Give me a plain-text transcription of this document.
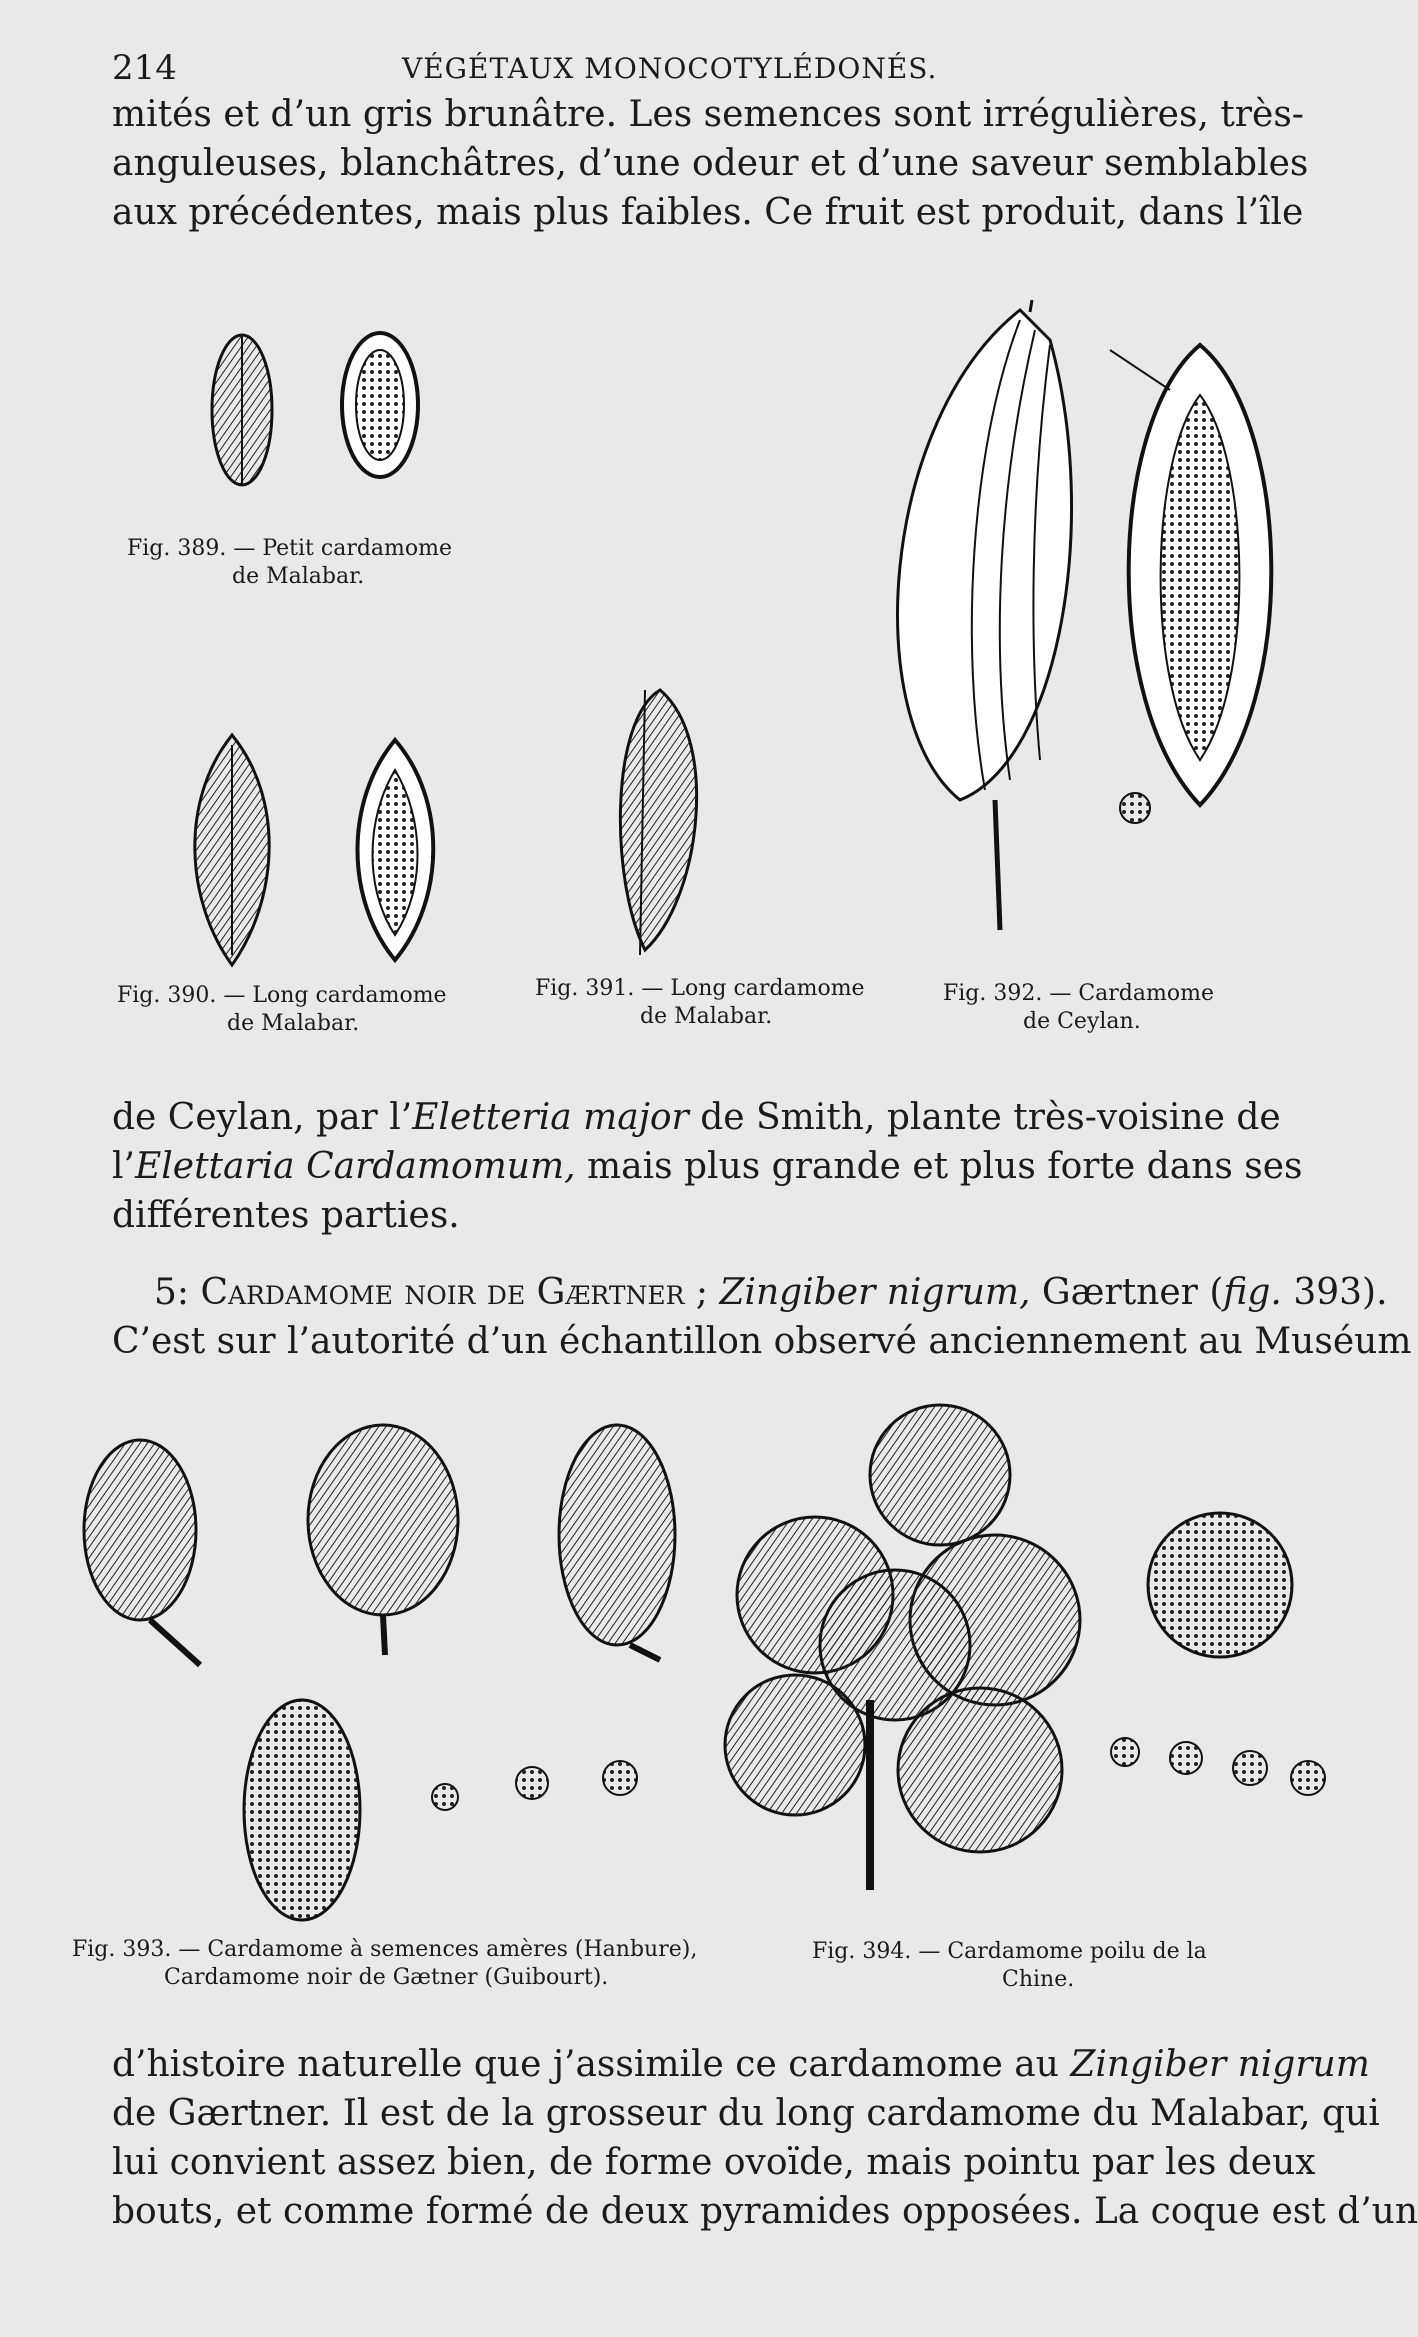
214	VÉGÉTAUX MONOCOTYLÉDONÉS.
mités et d’un gris brunâtre. Les semences sont irrégulières, très-
anguleuses, blanchâtres, d’une odeur et d’une saveur semblables
aux précédentes, mais plus faibles. Ce fruit est produit, dans l’île
Fig. 389. — Petit cardamome
de Malabar.
Fig. 390. — Long cardamome
de Malabar.
Fig. 391. — Long cardamome
de Malabar.
Fig. 392. — Cardamome
de Ceylan.
de Ceylan, par l’Eletteria major de Smith, plante très-voisine de
l’Elettaria Cardamomum, mais plus grande et plus forte dans ses
différentes parties.
5: Cardamome noir de Gærtner ; Zingiber nigrum, Gærtner (fig. 393).
C’est sur l’autorité d’un échantillon observé anciennement au Muséum
Fig. 393. — Cardamome à semences amères (Hanbure),
Cardamome noir de Gætner (Guibourt).
Fig. 394. — Cardamome poilu de la
Chine.
d’histoire naturelle que j’assimile ce cardamome au Zingiber nigrum
de Gærtner. Il est de la grosseur du long cardamome du Malabar, qui
lui convient assez bien, de forme ovoïde, mais pointu par les deux
bouts, et comme formé de deux pyramides opposées. La coque est d’un
